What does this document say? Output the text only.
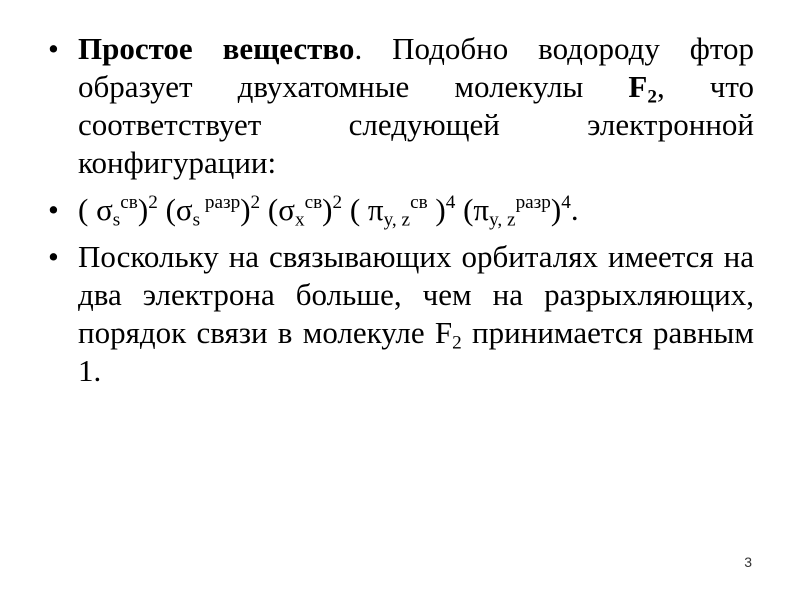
• Простое вещество. Подобно водороду фтор образует двухатомные молекулы $F_2$, что соответствует следующей электронной конфигурации:
• ( $\sigma_s^{св})^2$ ($\sigma_s$ $^{разр}$)$^2$ $(\sigma_x^{св})^2$ ( $\pi_{y, z}^{св}$ )$^4$ $(\pi_{y, z}^{разр})^4$.
• Поскольку на связывающих орбиталях имеется на два электрона больше, чем на разрыхляющих, порядок связи в молекуле $F_2$ принимается равным 1.
3
